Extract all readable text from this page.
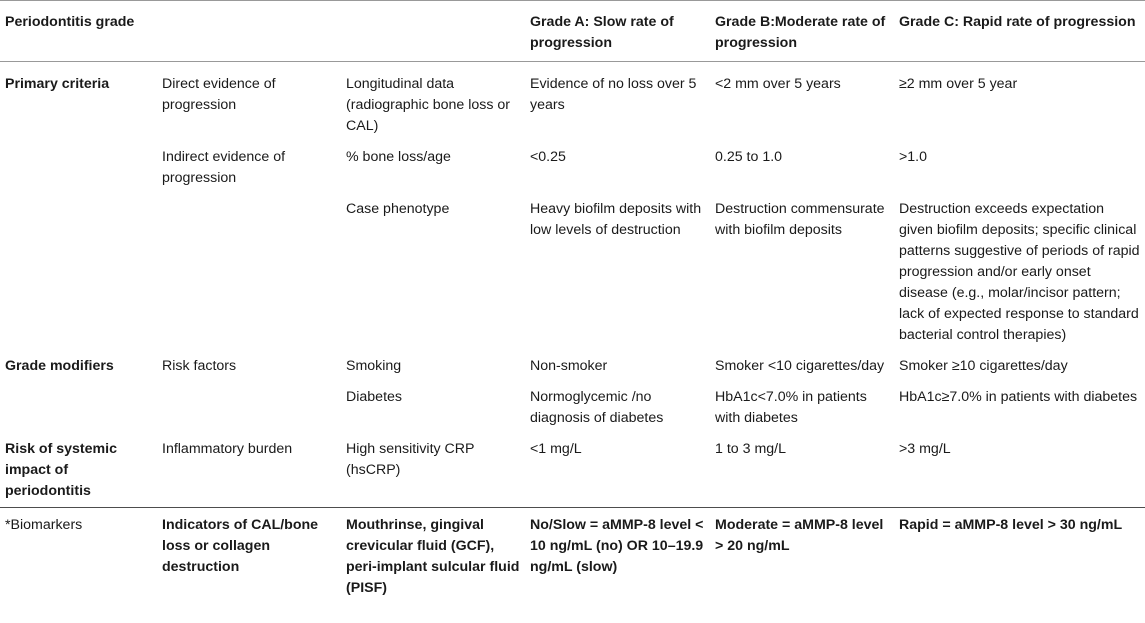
Periodontitis grade			Grade A: Slow rate of progression	Grade B:Moderate rate of progression	Grade C: Rapid rate of progression
Primary criteria	Direct evidence of progression	Longitudinal data (radiographic bone loss or CAL)	Evidence of no loss over 5 years	<2 mm over 5 years	≥2 mm over 5 year
	Indirect evidence of progression	% bone loss/age	<0.25	0.25 to 1.0	>1.0
		Case phenotype	Heavy biofilm deposits with low levels of destruction	Destruction commensurate with biofilm deposits	Destruction exceeds expectation given biofilm deposits; specific clinical patterns suggestive of periods of rapid progression and/or early onset disease (e.g., molar/incisor pattern; lack of expected response to standard bacterial control therapies)
Grade modifiers	Risk factors	Smoking	Non-smoker	Smoker <10 cigarettes/day	Smoker ≥10 cigarettes/day
		Diabetes	Normoglycemic /no diagnosis of diabetes	HbA1c<7.0% in patients with diabetes	HbA1c≥7.0% in patients with diabetes
Risk of systemic impact of periodontitis	Inflammatory burden	High sensitivity CRP (hsCRP)	<1 mg/L	1 to 3 mg/L	>3 mg/L
*Biomarkers	Indicators of CAL/bone loss or collagen destruction	Mouthrinse, gingival crevicular fluid (GCF), peri-implant sulcular fluid (PISF)	No/Slow = aMMP-8 level < 10 ng/mL (no) OR 10–19.9 ng/mL (slow)	Moderate = aMMP-8 level > 20 ng/mL	Rapid = aMMP-8 level > 30 ng/mL
